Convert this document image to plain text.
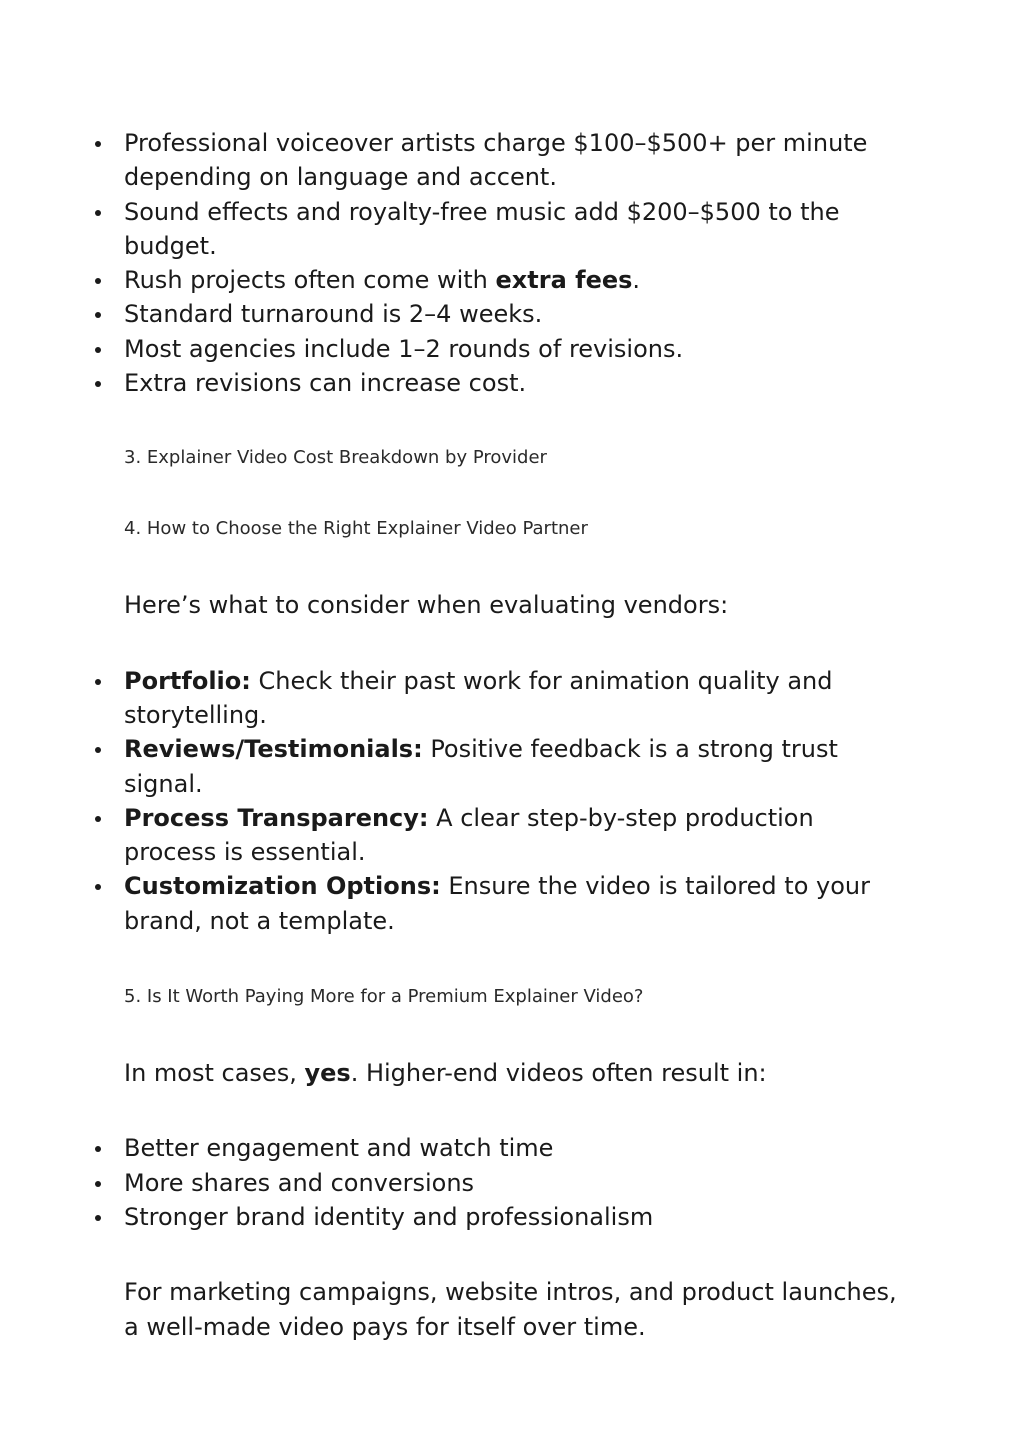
Professional voiceover artists charge $100–$500+ per minute depending on language and accent.
Sound effects and royalty-free music add $200–$500 to the budget.
Rush projects often come with extra fees.
Standard turnaround is 2–4 weeks.
Most agencies include 1–2 rounds of revisions.
Extra revisions can increase cost.

3. Explainer Video Cost Breakdown by Provider

4. How to Choose the Right Explainer Video Partner

Here’s what to consider when evaluating vendors:

Portfolio: Check their past work for animation quality and storytelling.
Reviews/Testimonials: Positive feedback is a strong trust signal.
Process Transparency: A clear step-by-step production process is essential.
Customization Options: Ensure the video is tailored to your brand, not a template.

5. Is It Worth Paying More for a Premium Explainer Video?

In most cases, yes. Higher-end videos often result in:

Better engagement and watch time
More shares and conversions
Stronger brand identity and professionalism

For marketing campaigns, website intros, and product launches, a well-made video pays for itself over time.
